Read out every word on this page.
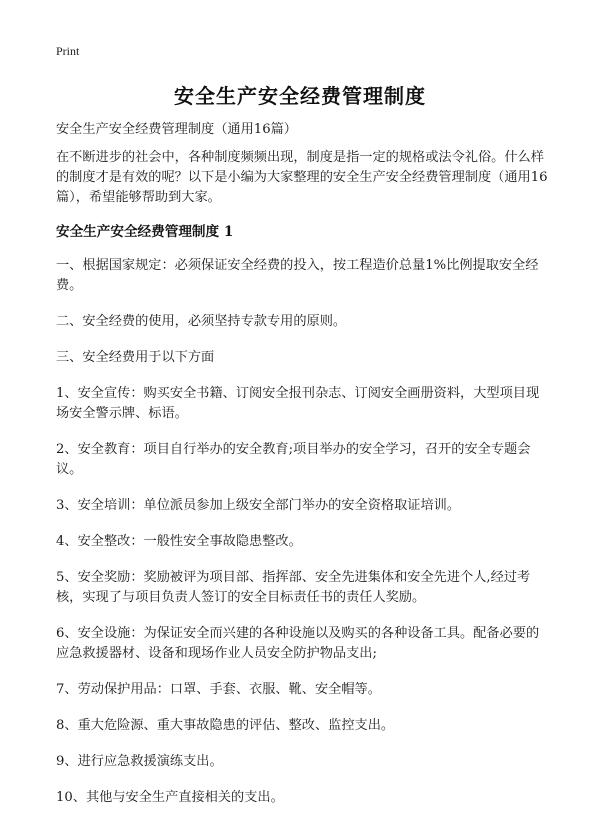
Print
安全生产安全经费管理制度

安全生产安全经费管理制度（通用16篇）

在不断进步的社会中，各种制度频频出现，制度是指一定的规格或法令礼俗。什么样的制度才是有效的呢？以下是小编为大家整理的安全生产安全经费管理制度（通用16篇），希望能够帮助到大家。

安全生产安全经费管理制度 1

一、根据国家规定：必须保证安全经费的投入，按工程造价总量1%比例提取安全经费。

二、安全经费的使用，必须坚持专款专用的原则。

三、安全经费用于以下方面

1、安全宣传：购买安全书籍、订阅安全报刊杂志、订阅安全画册资料，大型项目现场安全警示牌、标语。

2、安全教育：项目自行举办的安全教育;项目举办的安全学习，召开的安全专题会议。

3、安全培训：单位派员参加上级安全部门举办的安全资格取证培训。

4、安全整改：一般性安全事故隐患整改。

5、安全奖励：奖励被评为项目部、指挥部、安全先进集体和安全先进个人,经过考核，实现了与项目负责人签订的安全目标责任书的责任人奖励。

6、安全设施：为保证安全而兴建的各种设施以及购买的各种设备工具。配备必要的应急救援器材、设备和现场作业人员安全防护物品支出;

7、劳动保护用品：口罩、手套、衣服、靴、安全帽等。

8、重大危险源、重大事故隐患的评估、整改、监控支出。

9、进行应急救援演练支出。

10、其他与安全生产直接相关的支出。
